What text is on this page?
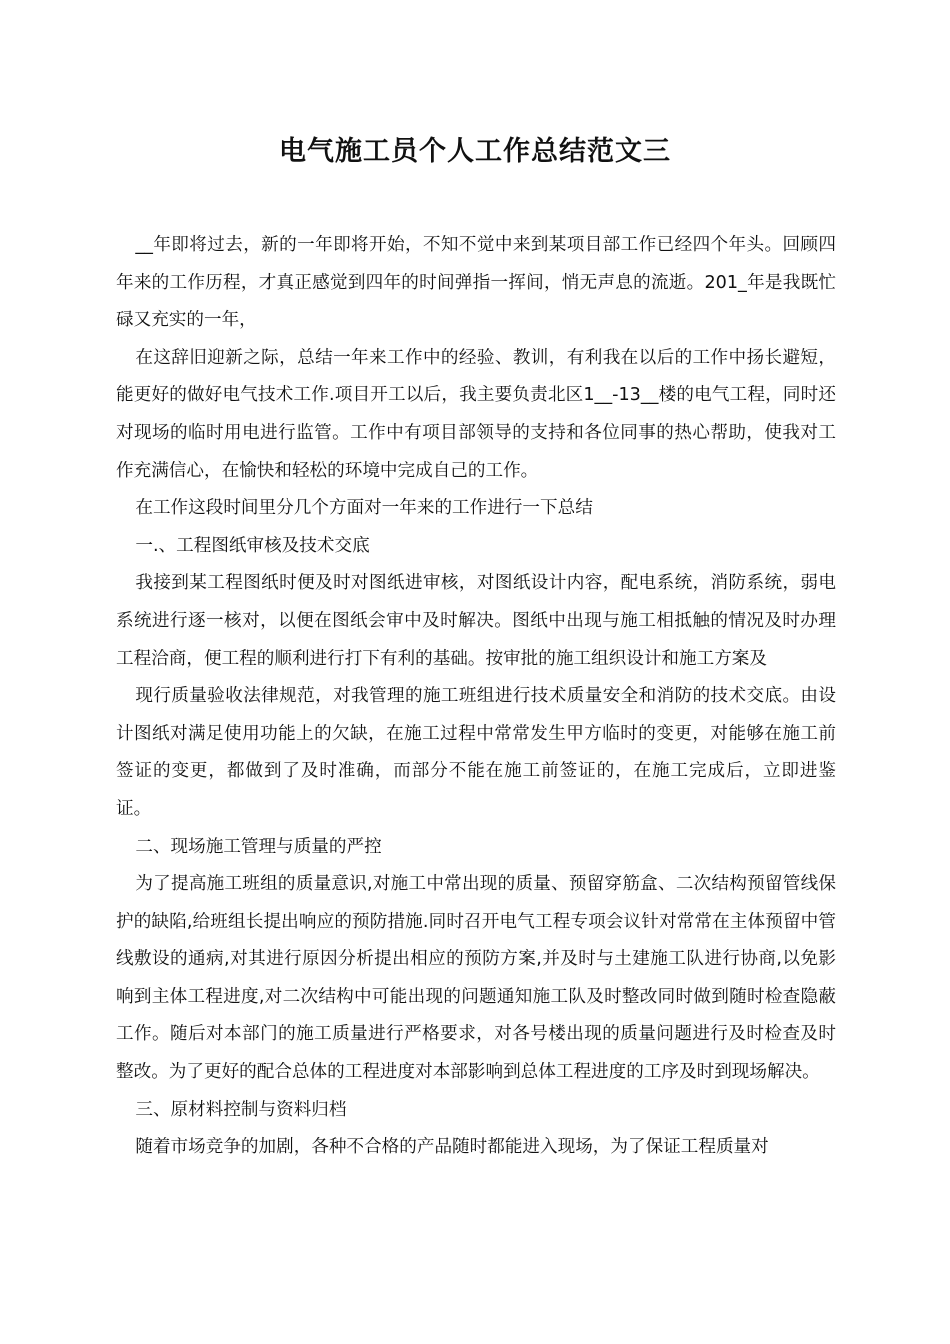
电气施工员个人工作总结范文三

__年即将过去，新的一年即将开始，不知不觉中来到某项目部工作已经四个年头。回顾四年来的工作历程，才真正感觉到四年的时间弹指一挥间，悄无声息的流逝。201_年是我既忙碌又充实的一年，

在这辞旧迎新之际，总结一年来工作中的经验、教训，有利我在以后的工作中扬长避短，能更好的做好电气技术工作.项目开工以后，我主要负责北区1__-13__楼的电气工程，同时还对现场的临时用电进行监管。工作中有项目部领导的支持和各位同事的热心帮助，使我对工作充满信心，在愉快和轻松的环境中完成自己的工作。

在工作这段时间里分几个方面对一年来的工作进行一下总结

一.、工程图纸审核及技术交底

我接到某工程图纸时便及时对图纸进审核，对图纸设计内容，配电系统，消防系统，弱电系统进行逐一核对，以便在图纸会审中及时解决。图纸中出现与施工相抵触的情况及时办理工程洽商，便工程的顺利进行打下有利的基础。按审批的施工组织设计和施工方案及

现行质量验收法律规范，对我管理的施工班组进行技术质量安全和消防的技术交底。由设计图纸对满足使用功能上的欠缺，在施工过程中常常发生甲方临时的变更，对能够在施工前签证的变更，都做到了及时准确，而部分不能在施工前签证的，在施工完成后，立即进鉴证。

二、现场施工管理与质量的严控

为了提高施工班组的质量意识,对施工中常出现的质量、预留穿筋盒、二次结构预留管线保护的缺陷,给班组长提出响应的预防措施.同时召开电气工程专项会议针对常常在主体预留中管线敷设的通病,对其进行原因分析提出相应的预防方案,并及时与土建施工队进行协商,以免影响到主体工程进度,对二次结构中可能出现的问题通知施工队及时整改同时做到随时检查隐蔽工作。随后对本部门的施工质量进行严格要求，对各号楼出现的质量问题进行及时检查及时整改。为了更好的配合总体的工程进度对本部影响到总体工程进度的工序及时到现场解决。

三、原材料控制与资料归档

随着市场竞争的加剧，各种不合格的产品随时都能进入现场，为了保证工程质量对
